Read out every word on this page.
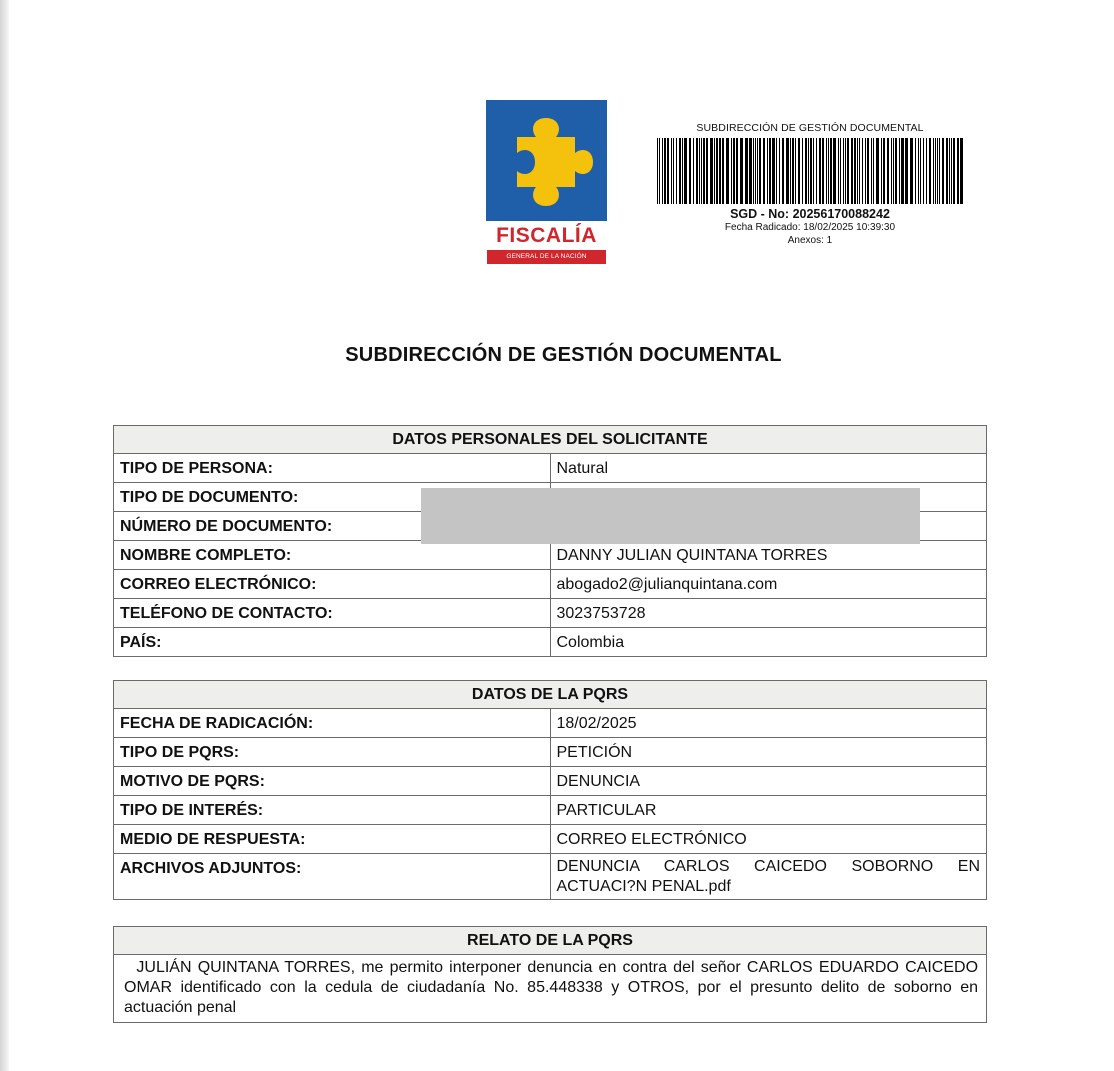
FISCALÍA
GENERAL DE LA NACIÓN
SUBDIRECCIÓN DE GESTIÓN DOCUMENTAL
SGD - No: 20256170088242
Fecha Radicado: 18/02/2025 10:39:30
Anexos: 1
SUBDIRECCIÓN DE GESTIÓN DOCUMENTAL
DATOS PERSONALES DEL SOLICITANTE	
TIPO DE PERSONA:	Natural
TIPO DE DOCUMENTO:	
NÚMERO DE DOCUMENTO:	
NOMBRE COMPLETO:	DANNY JULIAN QUINTANA TORRES
CORREO ELECTRÓNICO:	abogado2@julianquintana.com
TELÉFONO DE CONTACTO:	3023753728
PAÍS:	Colombia
DATOS DE LA PQRS	
FECHA DE RADICACIÓN:	18/02/2025
TIPO DE PQRS:	PETICIÓN
MOTIVO DE PQRS:	DENUNCIA
TIPO DE INTERÉS:	PARTICULAR
MEDIO DE RESPUESTA:	CORREO ELECTRÓNICO
ARCHIVOS ADJUNTOS:	DENUNCIA CARLOS CAICEDO SOBORNO EN ACTUACI?N PENAL.pdf
RELATO DE LA PQRS
JULIÁN QUINTANA TORRES, me permito interponer denuncia en contra del señor CARLOS EDUARDO CAICEDO OMAR identificado con la cedula de ciudadanía No. 85.448338 y OTROS, por el presunto delito de soborno en actuación penal
